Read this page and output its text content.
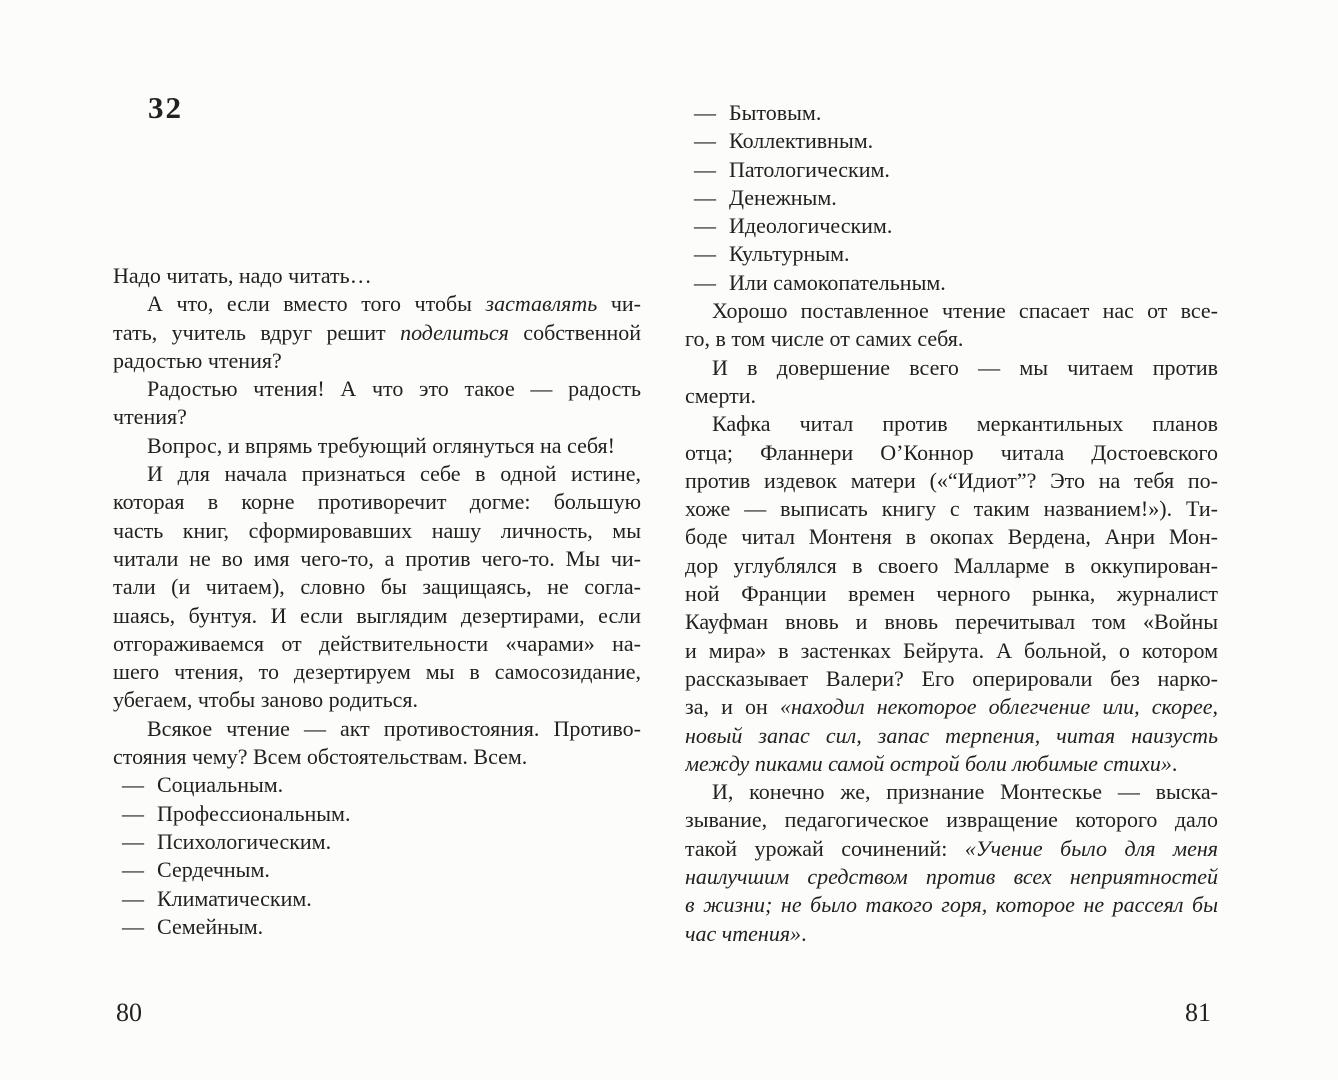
32
Надо читать, надо читать…
А что, если вместо того чтобы заставлять чи-
тать, учитель вдруг решит поделиться собственной
радостью чтения?
Радостью чтения! А что это такое — радость
чтения?
Вопрос, и впрямь требующий оглянуться на себя!
И для начала признаться себе в одной истине,
которая в корне противоречит догме: большую
часть книг, сформировавших нашу личность, мы
читали не во имя чего-то, а против чего-то. Мы чи-
тали (и читаем), словно бы защищаясь, не согла-
шаясь, бунтуя. И если выглядим дезертирами, если
отгораживаемся от действительности «чарами» на-
шего чтения, то дезертируем мы в самосозидание,
убегаем, чтобы заново родиться.
Всякое чтение — акт противостояния. Противо-
стояния чему? Всем обстоятельствам. Всем.
— Социальным.
— Профессиональным.
— Психологическим.
— Сердечным.
— Климатическим.
— Семейным.
80
— Бытовым.
— Коллективным.
— Патологическим.
— Денежным.
— Идеологическим.
— Культурным.
— Или самокопательным.
Хорошо поставленное чтение спасает нас от все-
го, в том числе от самих себя.
И в довершение всего — мы читаем против
смерти.
Кафка читал против меркантильных планов
отца; Фланнери О’Коннор читала Достоевского
против издевок матери («“Идиот”? Это на тебя по-
хоже — выписать книгу с таким названием!»). Ти-
боде читал Монтеня в окопах Вердена, Анри Мон-
дор углублялся в своего Малларме в оккупирован-
ной Франции времен черного рынка, журналист
Кауфман вновь и вновь перечитывал том «Войны
и мира» в застенках Бейрута. А больной, о котором
рассказывает Валери? Его оперировали без нарко-
за, и он «находил некоторое облегчение или, скорее,
новый запас сил, запас терпения, читая наизусть
между пиками самой острой боли любимые стихи».
И, конечно же, признание Монтескье — выска-
зывание, педагогическое извращение которого дало
такой урожай сочинений: «Учение было для меня
наилучшим средством против всех неприятностей
в жизни; не было такого горя, которое не рассеял бы
час чтения».
81
